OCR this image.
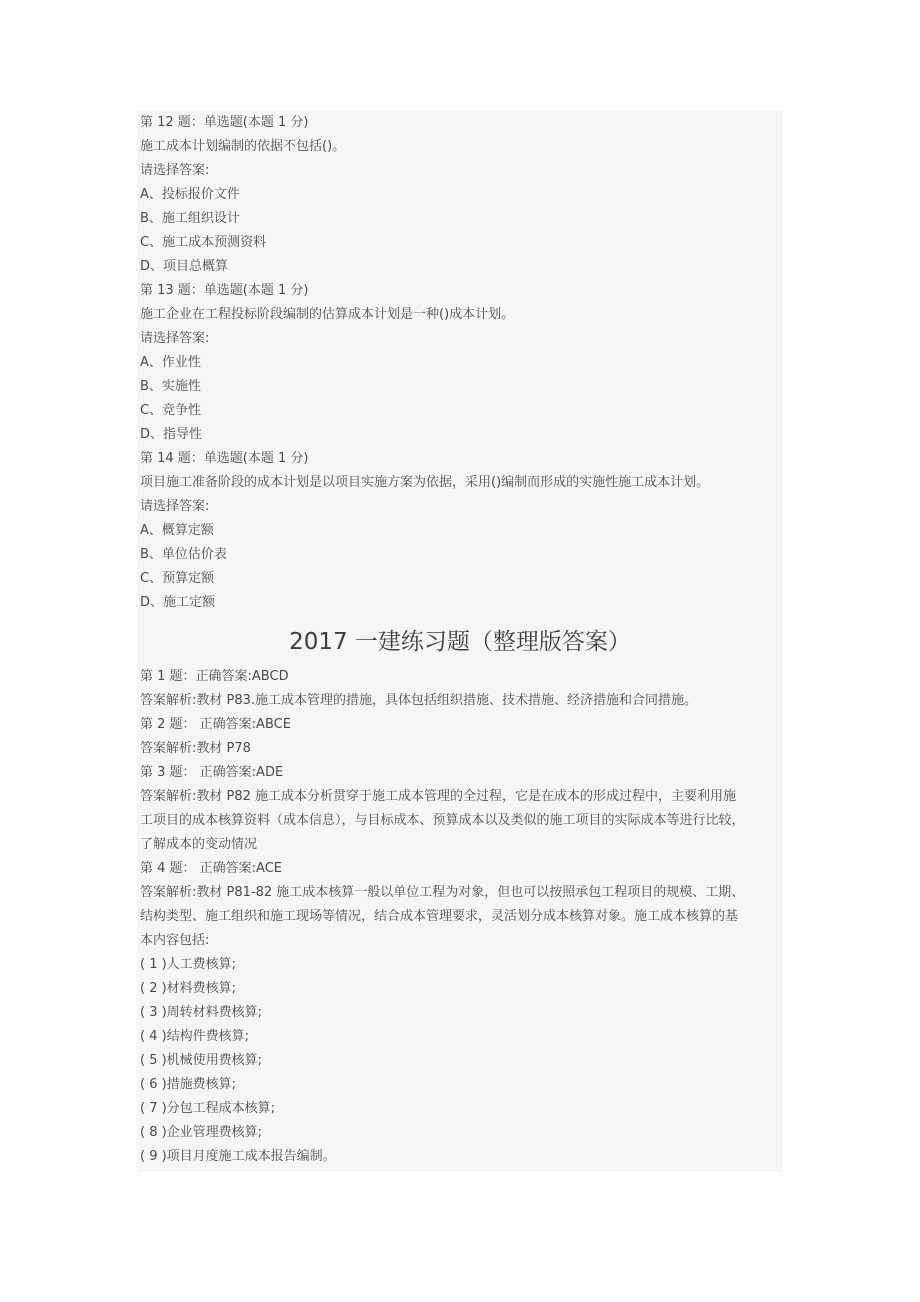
第 12 题：单选题(本题 1 分)
施工成本计划编制的依据不包括()。
请选择答案:
A、投标报价文件
B、施工组织设计
C、施工成本预测资料
D、项目总概算
第 13 题：单选题(本题 1 分)
施工企业在工程投标阶段编制的估算成本计划是一种()成本计划。
请选择答案:
A、作业性
B、实施性
C、竞争性
D、指导性
第 14 题：单选题(本题 1 分)
项目施工准备阶段的成本计划是以项目实施方案为依据，采用()编制而形成的实施性施工成本计划。
请选择答案:
A、概算定额
B、单位估价表
C、预算定额
D、施工定额
2017 一建练习题（整理版答案）
第 1 题：正确答案:ABCD
答案解析:教材 P83.施工成本管理的措施，具体包括组织措施、技术措施、经济措施和合同措施。
第 2 题： 正确答案:ABCE
答案解析:教材 P78
第 3 题： 正确答案:ADE
答案解析:教材 P82 施工成本分析贯穿于施工成本管理的全过程，它是在成本的形成过程中，主要利用施
工项目的成本核算资料（成本信息），与目标成本、预算成本以及类似的施工项目的实际成本等进行比较，
了解成本的变动情况
第 4 题： 正确答案:ACE
答案解析:教材 P81-82 施工成本核算一般以单位工程为对象，但也可以按照承包工程项目的规模、工期、
结构类型、施工组织和施工现场等情况，结合成本管理要求，灵活划分成本核算对象。施工成本核算的基
本内容包括:
( 1 )人工费核算;
( 2 )材料费核算;
( 3 )周转材料费核算;
( 4 )结构件费核算;
( 5 )机械使用费核算;
( 6 )措施费核算;
( 7 )分包工程成本核算;
( 8 )企业管理费核算;
( 9 )项目月度施工成本报告编制。
